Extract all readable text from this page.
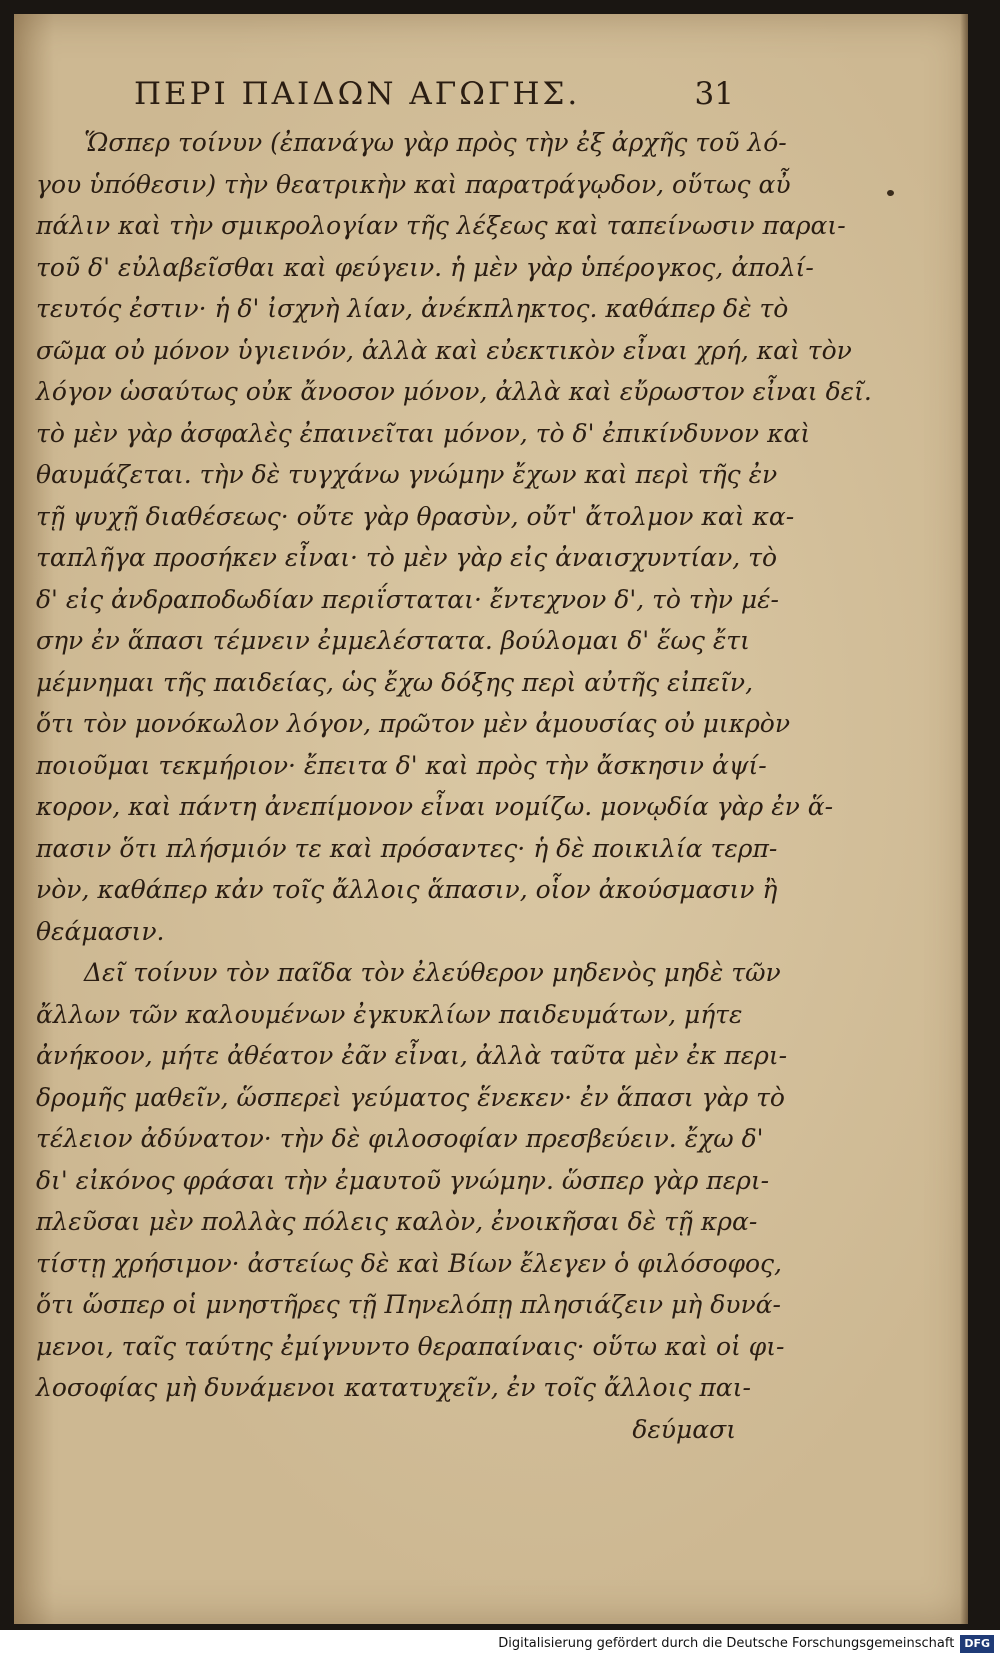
ΠΕΡΙ ΠΑΙΔΩΝ ΑΓΩΓΗΣ.	31
Ὥσπερ τοίνυν (ἐπανάγω γὰρ πρὸς τὴν ἐξ ἀρχῆς τοῦ λό-
γου ὑπόθεσιν) τὴν θεατρικὴν καὶ παρατράγῳδον, οὕτως αὖ
πάλιν καὶ τὴν σμικρολογίαν τῆς λέξεως καὶ ταπείνωσιν παραι-
τοῦ δ' εὐλαβεῖσθαι καὶ φεύγειν. ἡ μὲν γὰρ ὑπέρογκος, ἀπολί-
τευτός ἐστιν· ἡ δ' ἰσχνὴ λίαν, ἀνέκπληκτος. καθάπερ δὲ τὸ
σῶμα οὐ μόνον ὑγιεινόν, ἀλλὰ καὶ εὐεκτικὸν εἶναι χρή, καὶ τὸν
λόγον ὡσαύτως οὐκ ἄνοσον μόνον, ἀλλὰ καὶ εὔρωστον εἶναι δεῖ.
τὸ μὲν γὰρ ἀσφαλὲς ἐπαινεῖται μόνον, τὸ δ' ἐπικίνδυνον καὶ
θαυμάζεται. τὴν δὲ τυγχάνω γνώμην ἔχων καὶ περὶ τῆς ἐν
τῇ ψυχῇ διαθέσεως· οὔτε γὰρ θρασὺν, οὔτ' ἄτολμον καὶ κα-
ταπλῆγα προσήκεν εἶναι· τὸ μὲν γὰρ εἰς ἀναισχυντίαν, τὸ
δ' εἰς ἀνδραποδωδίαν περιΐσταται· ἔντεχνον δ', τὸ τὴν μέ-
σην ἐν ἅπασι τέμνειν ἐμμελέστατα. βούλομαι δ' ἕως ἔτι
μέμνημαι τῆς παιδείας, ὡς ἔχω δόξης περὶ αὐτῆς εἰπεῖν,
ὅτι τὸν μονόκωλον λόγον, πρῶτον μὲν ἀμουσίας οὐ μικρὸν
ποιοῦμαι τεκμήριον· ἔπειτα δ' καὶ πρὸς τὴν ἄσκησιν ἀψί-
κορον, καὶ πάντη ἀνεπίμονον εἶναι νομίζω. μονῳδία γὰρ ἐν ἅ-
πασιν ὅτι πλήσμιόν τε καὶ πρόσαντες· ἡ δὲ ποικιλία τερπ-
νὸν, καθάπερ κἀν τοῖς ἄλλοις ἅπασιν, οἷον ἀκούσμασιν ἢ
θεάμασιν.
Δεῖ τοίνυν τὸν παῖδα τὸν ἐλεύθερον μηδενὸς μηδὲ τῶν
ἄλλων τῶν καλουμένων ἐγκυκλίων παιδευμάτων, μήτε
ἀνήκοον, μήτε ἀθέατον ἐᾶν εἶναι, ἀλλὰ ταῦτα μὲν ἐκ περι-
δρομῆς μαθεῖν, ὥσπερεὶ γεύματος ἕνεκεν· ἐν ἅπασι γὰρ τὸ
τέλειον ἀδύνατον· τὴν δὲ φιλοσοφίαν πρεσβεύειν. ἔχω δ'
δι' εἰκόνος φράσαι τὴν ἐμαυτοῦ γνώμην. ὥσπερ γὰρ περι-
πλεῦσαι μὲν πολλὰς πόλεις καλὸν, ἐνοικῆσαι δὲ τῇ κρα-
τίστῃ χρήσιμον· ἀστείως δὲ καὶ Βίων ἔλεγεν ὁ φιλόσοφος,
ὅτι ὥσπερ οἱ μνηστῆρες τῇ Πηνελόπῃ πλησιάζειν μὴ δυνά-
μενοι, ταῖς ταύτης ἐμίγνυντο θεραπαίναις· οὕτω καὶ οἱ φι-
λοσοφίας μὴ δυνάμενοι κατατυχεῖν, ἐν τοῖς ἄλλοις παι-
δεύμασι
Digitalisierung gefördert durch die Deutsche Forschungsgemeinschaft DFG
